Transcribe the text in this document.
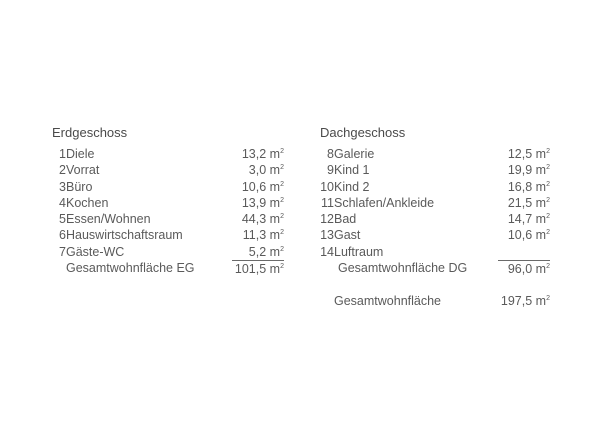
Erdgeschoss
1 Diele	13,2 $m^2$
2 Vorrat	3,0 $m^2$
3 Büro	10,6 $m^2$
4 Kochen	13,9 $m^2$
5 Essen/Wohnen	44,3 $m^2$
6 Hauswirtschaftsraum	11,3 $m^2$
7 Gäste-WC	5,2 $m^2$
Gesamtwohnfläche EG	101,5 $m^2$
Dachgeschoss
8 Galerie	12,5 $m^2$
9 Kind 1	19,9 $m^2$
10 Kind 2	16,8 $m^2$
11 Schlafen/Ankleide	21,5 $m^2$
12 Bad	14,7 $m^2$
13 Gast	10,6 $m^2$
14 Luftraum
Gesamtwohnfläche DG	96,0 $m^2$
Gesamtwohnfläche	197,5 $m^2$
